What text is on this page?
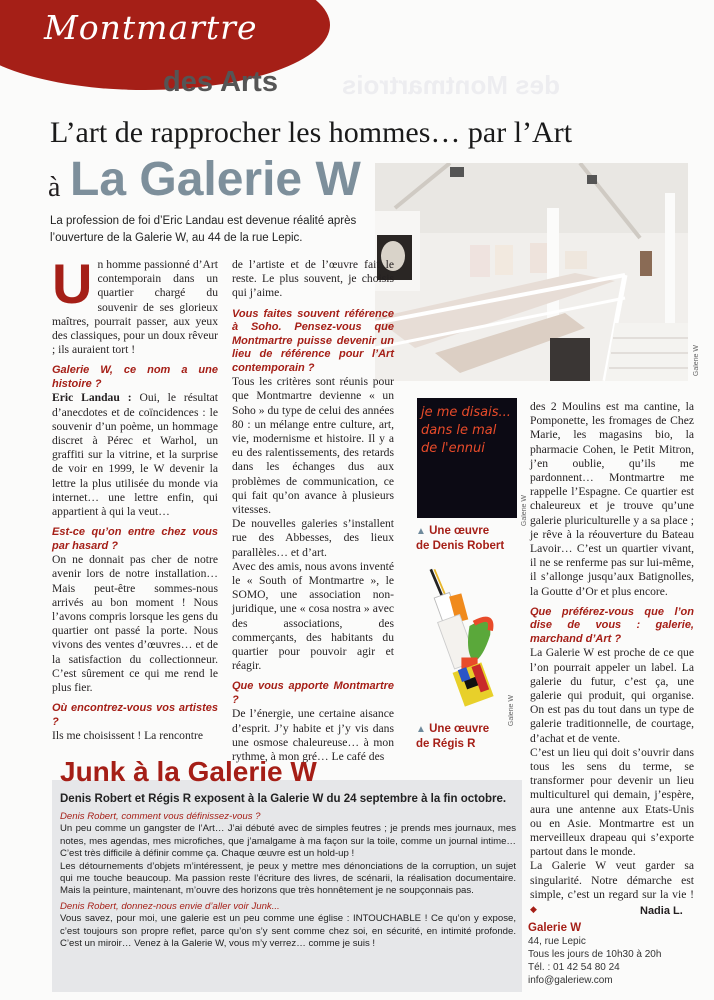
Montmartre
des Montmartrois
des Arts
L’art de rapprocher les hommes… par l’Art
à La Galerie W
La profession de foi d’Eric Landau est devenue réalité après l’ouverture de la Galerie W, au 44 de la rue Lepic.
Galerie W

Un homme passionné d’Art contemporain dans un quartier chargé du souvenir de ses glorieux maîtres, pourrait passer, aux yeux des classiques, pour un doux rêveur ; ils auraient tort !

Galerie W, ce nom a une histoire ?

Eric Landau : Oui, le résultat d’anecdotes et de coïncidences : le souvenir d’un poème, un hommage discret à Pérec et Warhol, un graffiti sur la vitrine, et la surprise de voir en 1999, le W devenir la lettre la plus utilisée du monde via internet… une lettre enfin, qui appartient à qui la veut…

Est-ce qu’on entre chez vous par hasard ?

On ne donnait pas cher de notre avenir lors de notre installation… Mais peut-être sommes-nous arrivés au bon moment ! Nous l’avons compris lorsque les gens du quartier ont passé la porte. Nous vivons des ventes d’œuvres… et de la satisfaction du collectionneur. C’est sûrement ce qui me rend le plus fier.

Où encontrez-vous vos artistes ?

Ils me choisissent ! La rencontre

de l’artiste et de l’œuvre fait le reste. Le plus souvent, je choisis qui j’aime.

Vous faites souvent référence à Soho. Pensez-vous que Montmartre puisse devenir un lieu de référence pour l’Art contemporain ?

Tous les critères sont réunis pour que Montmartre devienne « un Soho » du type de celui des années 80 : un mélange entre culture, art, vie, modernisme et histoire. Il y a eu des ralentissements, des retards dans les échanges dus aux problèmes de communication, ce qui fait qu’on avance à plusieurs vitesses.

De nouvelles galeries s’installent rue des Abbesses, des lieux parallèles… et d’art.

Avec des amis, nous avons inventé le « South of Montmartre », le SOMO, une association non-juridique, une « cosa nostra » avec des associations, des commerçants, des habitants du quartier pour pouvoir agir et réagir.

Que vous apporte Montmartre ?

De l’énergie, une certaine aisance d’esprit. J’y habite et j’y vis dans une osmose chaleureuse… à mon rythme, à mon gré… Le café des

je me disais... dans le mal de l'ennui
Galerie W
▲ Une œuvre
de Denis Robert
Galerie W
▲ Une œuvre
de Régis R

des 2 Moulins est ma cantine, la Pomponette, les fromages de Chez Marie, les magasins bio, la pharmacie Cohen, le Petit Mitron, j’en oublie, qu’ils me pardonnent… Montmartre me rappelle l’Espagne. Ce quartier est chaleureux et je trouve qu’une galerie pluriculturelle y a sa place ; je rêve à la réouverture du Bateau Lavoir… C’est un quartier vivant, il ne se renferme pas sur lui-même, il s’allonge jusqu’aux Batignolles, la Goutte d’Or et plus encore.

Que préférez-vous que l’on dise de vous : galerie, marchand d’Art ?

La Galerie W est proche de ce que l’on pourrait appeler un label. La galerie du futur, c’est ça, une galerie qui produit, qui organise. On est pas du tout dans un type de galerie traditionnelle, de courtage, d’achat et de vente.

C’est un lieu qui doit s’ouvrir dans tous les sens du terme, se transformer pour devenir un lieu multiculturel qui demain, j’espère, aura une antenne aux Etats-Unis ou en Asie. Montmartre est un merveilleux drapeau qui s’exporte partout dans le monde.

La Galerie W veut garder sa singularité. Notre démarche est simple, c’est un regard sur la vie ! ◆	Nadia L.
Galerie W
44, rue Lepic
Tous les jours de 10h30 à 20h
Tél. : 01 42 54 80 24
info@galeriew.com
Junk à la Galerie W
Denis Robert et Régis R exposent à la Galerie W du 24 septembre à la fin octobre.

Denis Robert, comment vous définissez-vous ?

Un peu comme un gangster de l’Art… J’ai débuté avec de simples feutres ; je prends mes journaux, mes notes, mes agendas, mes microfiches, que j’amalgame à ma façon sur la toile, comme un journal intime… C’est très difficile à définir comme ça. Chaque œuvre est un hold-up !

Les détournements d’objets m’intéressent, je peux y mettre mes dénonciations de la corruption, un sujet qui me touche beaucoup. Ma passion reste l’écriture des livres, de scénarii, la réalisation documentaire. Mais la peinture, maintenant, m’ouvre des horizons que très honnêtement je ne soupçonnais pas.

Denis Robert, donnez-nous envie d’aller voir Junk...

Vous savez, pour moi, une galerie est un peu comme une église : INTOUCHABLE ! Ce qu’on y expose, c’est toujours son propre reflet, parce qu’on s’y sent comme chez soi, en sécurité, en intimité profonde. C’est un miroir… Venez à la Galerie W, vous m’y verrez… comme je suis !
